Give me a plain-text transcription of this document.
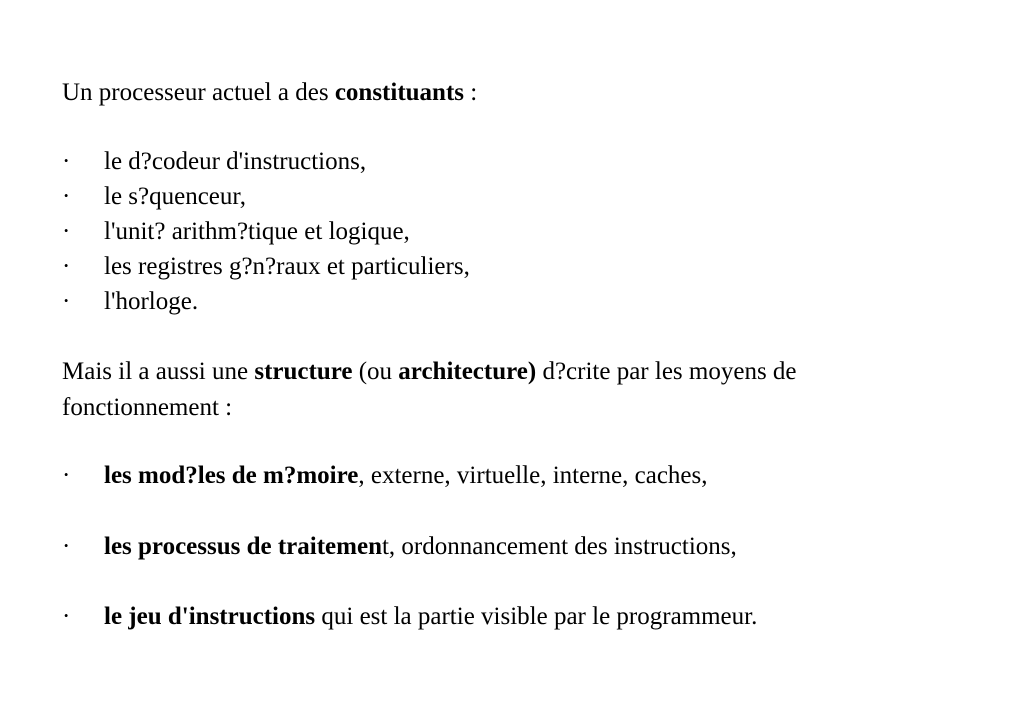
Un processeur actuel a des constituants :
·	le d?codeur d'instructions,
·	le s?quenceur,
·	l'unit? arithm?tique et logique,
·	les registres g?n?raux et particuliers,
·	l'horloge.
Mais il a aussi une structure (ou architecture) d?crite par les moyens de
fonctionnement :
·	les mod?les de m?moire, externe, virtuelle, interne, caches,
·	les processus de traitement, ordonnancement des instructions,
·	le jeu d'instructions qui est la partie visible par le programmeur.
